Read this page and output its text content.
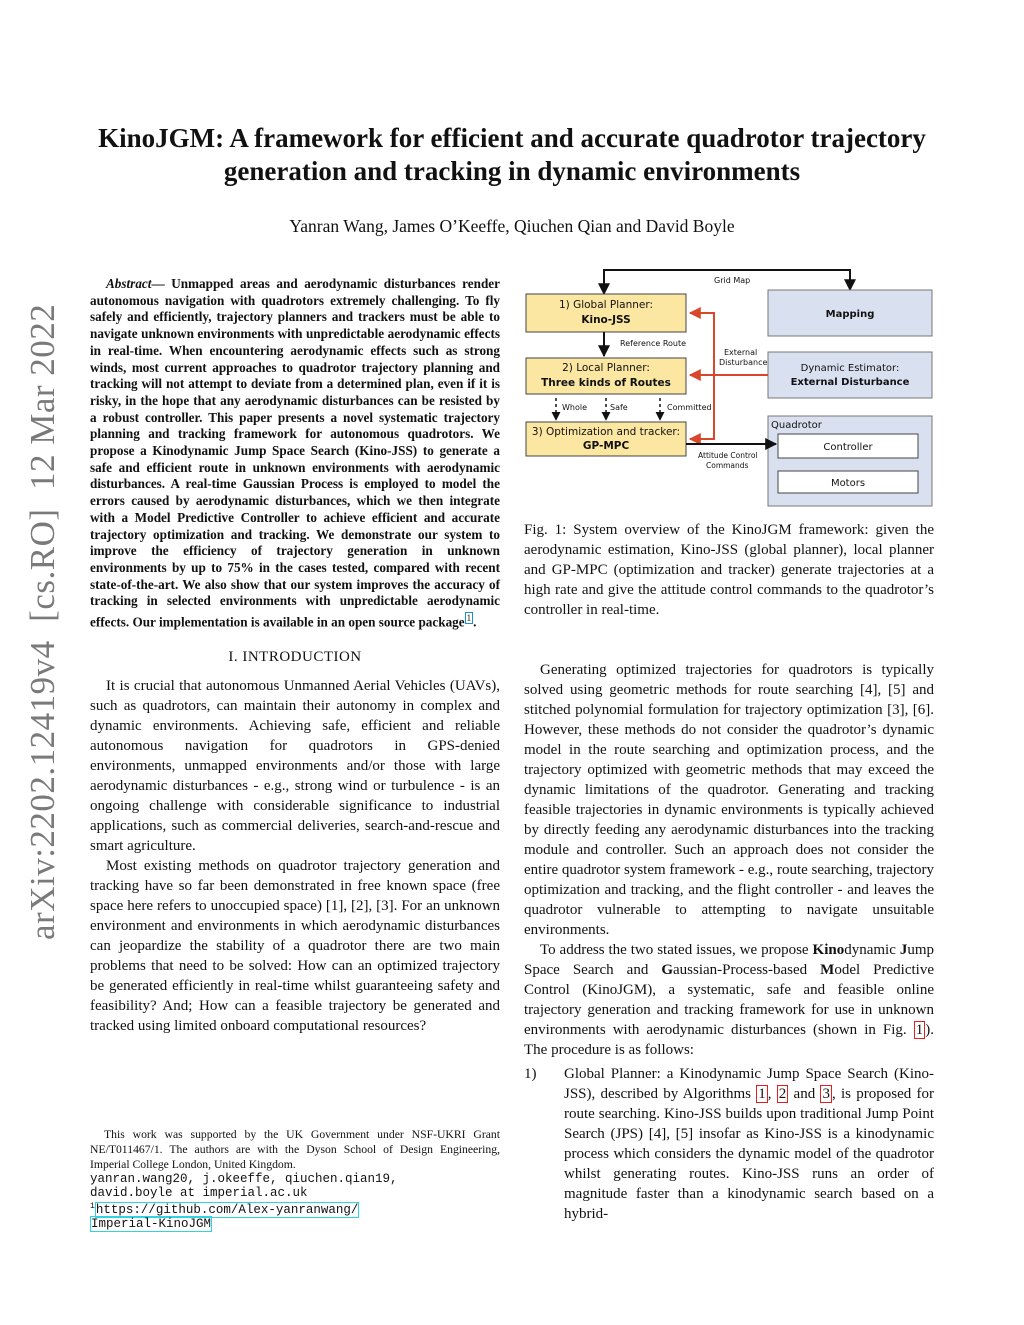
KinoJGM: A framework for efficient and accurate quadrotor trajectory
generation and tracking in dynamic environments
Yanran Wang, James O’Keeffe, Qiuchen Qian and David Boyle
arXiv:2202.12419v4  [cs.RO]  12 Mar 2022

Abstract— Unmapped areas and aerodynamic disturbances render autonomous navigation with quadrotors extremely challenging. To fly safely and efficiently, trajectory planners and trackers must be able to navigate unknown environments with unpredictable aerodynamic effects in real-time. When encountering aerodynamic effects such as strong winds, most current approaches to quadrotor trajectory planning and tracking will not attempt to deviate from a determined plan, even if it is risky, in the hope that any aerodynamic disturbances can be resisted by a robust controller. This paper presents a novel systematic trajectory planning and tracking framework for autonomous quadrotors. We propose a Kinodynamic Jump Space Search (Kino-JSS) to generate a safe and efficient route in unknown environments with aerodynamic disturbances. A real-time Gaussian Process is employed to model the errors caused by aerodynamic disturbances, which we then integrate with a Model Predictive Controller to achieve efficient and accurate trajectory optimization and tracking. We demonstrate our system to improve the efficiency of trajectory generation in unknown environments by up to 75% in the cases tested, compared with recent state-of-the-art. We also show that our system improves the accuracy of tracking in selected environments with unpredictable aerodynamic effects. Our implementation is available in an open source package $^1$ .

I. INTRODUCTION

It is crucial that autonomous Unmanned Aerial Vehicles (UAVs), such as quadrotors, can maintain their autonomy in complex and dynamic environments. Achieving safe, efficient and reliable autonomous navigation for quadrotors in GPS-denied environments, unmapped environments and/or those with large aerodynamic disturbances - e.g., strong wind or turbulence - is an ongoing challenge with considerable significance to industrial applications, such as commercial deliveries, search-and-rescue and smart agriculture.

Most existing methods on quadrotor trajectory generation and tracking have so far been demonstrated in free known space (free space here refers to unoccupied space) [1], [2], [3]. For an unknown environment and environments in which aerodynamic disturbances can jeopardize the stability of a quadrotor there are two main problems that need to be solved: How can an optimized trajectory be generated efficiently in real-time whilst guaranteeing safety and feasibility? And; How can a feasible trajectory be generated and tracked using limited onboard computational resources?

This work was supported by the UK Government under NSF-UKRI Grant NE/T011467/1. The authors are with the Dyson School of Design Engineering, Imperial College London, United Kingdom.

yanran.wang20, j.okeeffe, qiuchen.qian19,
david.boyle at imperial.ac.uk
$^1$https://github.com/Alex-yanranwang/
Imperial-KinoJGM
Grid Map
1) Global Planner:
Kino-JSS	Mapping
Reference Route
2) Local Planner:
Three kinds of Routes
Dynamic Estimator:
External Disturbance
External
Disturbance
Whole	Safe	Committed
3) Optimization and tracker:
GP-MPC
Quadrotor
Controller
Motors
Attitude Control
Commands

Fig. 1: System overview of the KinoJGM framework: given the aerodynamic estimation, Kino-JSS (global planner), local planner and GP-MPC (optimization and tracker) generate trajectories at a high rate and give the attitude control commands to the quadrotor’s controller in real-time.

Generating optimized trajectories for quadrotors is typically solved using geometric methods for route searching [4], [5] and stitched polynomial formulation for trajectory optimization [3], [6]. However, these methods do not consider the quadrotor’s dynamic model in the route searching and optimization process, and the trajectory optimized with geometric methods that may exceed the dynamic limitations of the quadrotor. Generating and tracking feasible trajectories in dynamic environments is typically achieved by directly feeding any aerodynamic disturbances into the tracking module and controller. Such an approach does not consider the entire quadrotor system framework - e.g., route searching, trajectory optimization and tracking, and the flight controller - and leaves the quadrotor vulnerable to attempting to navigate unsuitable environments.

To address the two stated issues, we propose Kinodynamic Jump Space Search and Gaussian-Process-based Model Predictive Control (KinoJGM), a systematic, safe and feasible online trajectory generation and tracking framework for use in unknown environments with aerodynamic disturbances (shown in Fig. 1 ). The procedure is as follows:

1)	Global Planner: a Kinodynamic Jump Space Search (Kino-JSS), described by Algorithms 1 , 2 and 3 , is proposed for route searching. Kino-JSS builds upon traditional Jump Point Search (JPS) [4], [5] insofar as Kino-JSS is a kinodynamic process which considers the dynamic model of the quadrotor whilst generating routes. Kino-JSS runs an order of magnitude faster than a kinodynamic search based on a hybrid-
